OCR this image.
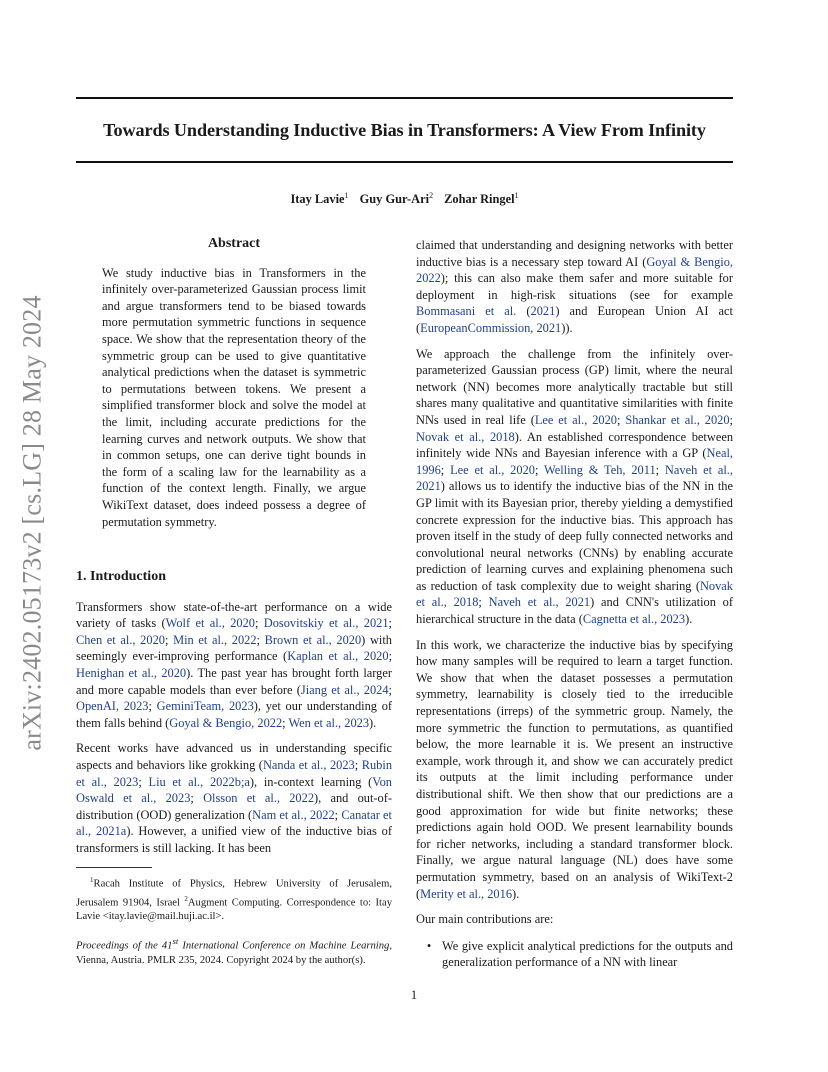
Towards Understanding Inductive Bias in Transformers: A View From Infinity
Itay Lavie$^1$ Guy Gur-Ari$^2$ Zohar Ringel$^1$
arXiv:2402.05173v2 [cs.LG] 28 May 2024
Abstract

We study inductive bias in Transformers in the infinitely over-parameterized Gaussian process limit and argue transformers tend to be biased towards more permutation symmetric functions in sequence space. We show that the representation theory of the symmetric group can be used to give quantitative analytical predictions when the dataset is symmetric to permutations between tokens. We present a simplified transformer block and solve the model at the limit, including accurate predictions for the learning curves and network outputs. We show that in common setups, one can derive tight bounds in the form of a scaling law for the learnability as a function of the context length. Finally, we argue WikiText dataset, does indeed possess a degree of permutation symmetry.

1. Introduction

Transformers show state-of-the-art performance on a wide variety of tasks (Wolf et al., 2020; Dosovitskiy et al., 2021; Chen et al., 2020; Min et al., 2022; Brown et al., 2020) with seemingly ever-improving performance (Kaplan et al., 2020; Henighan et al., 2020). The past year has brought forth larger and more capable models than ever before (Jiang et al., 2024; OpenAI, 2023; GeminiTeam, 2023), yet our understanding of them falls behind (Goyal & Bengio, 2022; Wen et al., 2023).

Recent works have advanced us in understanding specific aspects and behaviors like grokking (Nanda et al., 2023; Rubin et al., 2023; Liu et al., 2022b;a), in-context learning (Von Oswald et al., 2023; Olsson et al., 2022), and out-of-distribution (OOD) generalization (Nam et al., 2022; Canatar et al., 2021a). However, a unified view of the inductive bias of transformers is still lacking. It has been

$^1$Racah Institute of Physics, Hebrew University of Jerusalem, Jerusalem 91904, Israel $^2$Augment Computing. Correspondence to: Itay Lavie <itay.lavie@mail.huji.ac.il>.

Proceedings of the 41st International Conference on Machine Learning, Vienna, Austria. PMLR 235, 2024. Copyright 2024 by the author(s).

claimed that understanding and designing networks with better inductive bias is a necessary step toward AI (Goyal & Bengio, 2022); this can also make them safer and more suitable for deployment in high-risk situations (see for example Bommasani et al. (2021) and European Union AI act (EuropeanCommission, 2021)).

We approach the challenge from the infinitely over-parameterized Gaussian process (GP) limit, where the neural network (NN) becomes more analytically tractable but still shares many qualitative and quantitative similarities with finite NNs used in real life (Lee et al., 2020; Shankar et al., 2020; Novak et al., 2018). An established correspondence between infinitely wide NNs and Bayesian inference with a GP (Neal, 1996; Lee et al., 2020; Welling & Teh, 2011; Naveh et al., 2021) allows us to identify the inductive bias of the NN in the GP limit with its Bayesian prior, thereby yielding a demystified concrete expression for the inductive bias. This approach has proven itself in the study of deep fully connected networks and convolutional neural networks (CNNs) by enabling accurate prediction of learning curves and explaining phenomena such as reduction of task complexity due to weight sharing (Novak et al., 2018; Naveh et al., 2021) and CNN's utilization of hierarchical structure in the data (Cagnetta et al., 2023).

In this work, we characterize the inductive bias by specifying how many samples will be required to learn a target function. We show that when the dataset possesses a permutation symmetry, learnability is closely tied to the irreducible representations (irreps) of the symmetric group. Namely, the more symmetric the function to permutations, as quantified below, the more learnable it is. We present an instructive example, work through it, and show we can accurately predict its outputs at the limit including performance under distributional shift. We then show that our predictions are a good approximation for wide but finite networks; these predictions again hold OOD. We present learnability bounds for richer networks, including a standard transformer block. Finally, we argue natural language (NL) does have some permutation symmetry, based on an analysis of WikiText-2 (Merity et al., 2016).

Our main contributions are:

• We give explicit analytical predictions for the outputs and generalization performance of a NN with linear

1
